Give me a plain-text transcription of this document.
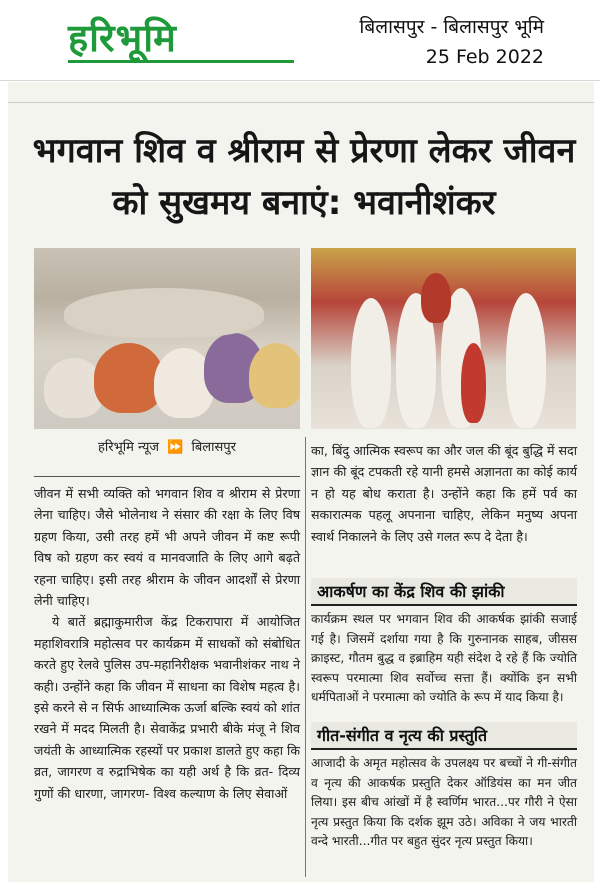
हरिभूमि	बिलासपुर - बिलासपुर भूमि
25 Feb 2022
भगवान शिव व श्रीराम से प्रेरणा लेकर जीवन को सुखमय बनाएं: भवानीशंकर
हरिभूमि न्यूज ⏩ बिलासपुर
जीवन में सभी व्यक्ति को भगवान शिव व श्रीराम से प्रेरणा लेना चाहिए। जैसे भोलेनाथ ने संसार की रक्षा के लिए विष ग्रहण किया, उसी तरह हमें भी अपने जीवन में कष्ट रूपी विष को ग्रहण कर स्वयं व मानवजाति के लिए आगे बढ़ते रहना चाहिए। इसी तरह श्रीराम के जीवन आदर्शों से प्रेरणा लेनी चाहिए।
ये बातें ब्रह्माकुमारीज केंद्र टिकरापारा में आयोजित महाशिवरात्रि महोत्सव पर कार्यक्रम में साधकों को संबोधित करते हुए रेलवे पुलिस उप-महानिरीक्षक भवानीशंकर नाथ ने कही। उन्होंने कहा कि जीवन में साधना का विशेष महत्व है। इसे करने से न सिर्फ आध्यात्मिक ऊर्जा बल्कि स्वयं को शांत रखने में मदद मिलती है। सेवाकेंद्र प्रभारी बीके मंजू ने शिव जयंती के आध्यात्मिक रहस्यों पर प्रकाश डालते हुए कहा कि व्रत, जागरण व रुद्राभिषेक का यही अर्थ है कि व्रत- दिव्य गुणों की धारणा, जागरण- विश्व कल्याण के लिए सेवाओं
का, बिंदु आत्मिक स्वरूप का और जल की बूंद बुद्धि में सदा ज्ञान की बूंद टपकती रहे यानी हमसे अज्ञानता का कोई कार्य न हो यह बोध कराता है। उन्होंने कहा कि हमें पर्व का सकारात्मक पहलू अपनाना चाहिए, लेकिन मनुष्य अपना स्वार्थ निकालने के लिए उसे गलत रूप दे देता है।
आकर्षण का केंद्र शिव की झांकी
कार्यक्रम स्थल पर भगवान शिव की आकर्षक झांकी सजाई गई है। जिसमें दर्शाया गया है कि गुरुनानक साहब, जीसस क्राइस्ट, गौतम बुद्ध व इब्राहिम यही संदेश दे रहे हैं कि ज्योति स्वरूप परमात्मा शिव सर्वोच्च सत्ता हैं। क्योंकि इन सभी धर्मपिताओं ने परमात्मा को ज्योति के रूप में याद किया है।
गीत-संगीत व नृत्य की प्रस्तुति
आजादी के अमृत महोत्सव के उपलक्ष्य पर बच्चों ने गी-संगीत व नृत्य की आकर्षक प्रस्तुति देकर ऑडियंस का मन जीत लिया। इस बीच आंखों में है स्वर्णिम भारत...पर गौरी ने ऐसा नृत्य प्रस्तुत किया कि दर्शक झूम उठे। अविका ने जय भारती वन्दे भारती...गीत पर बहुत सुंदर नृत्य प्रस्तुत किया।
